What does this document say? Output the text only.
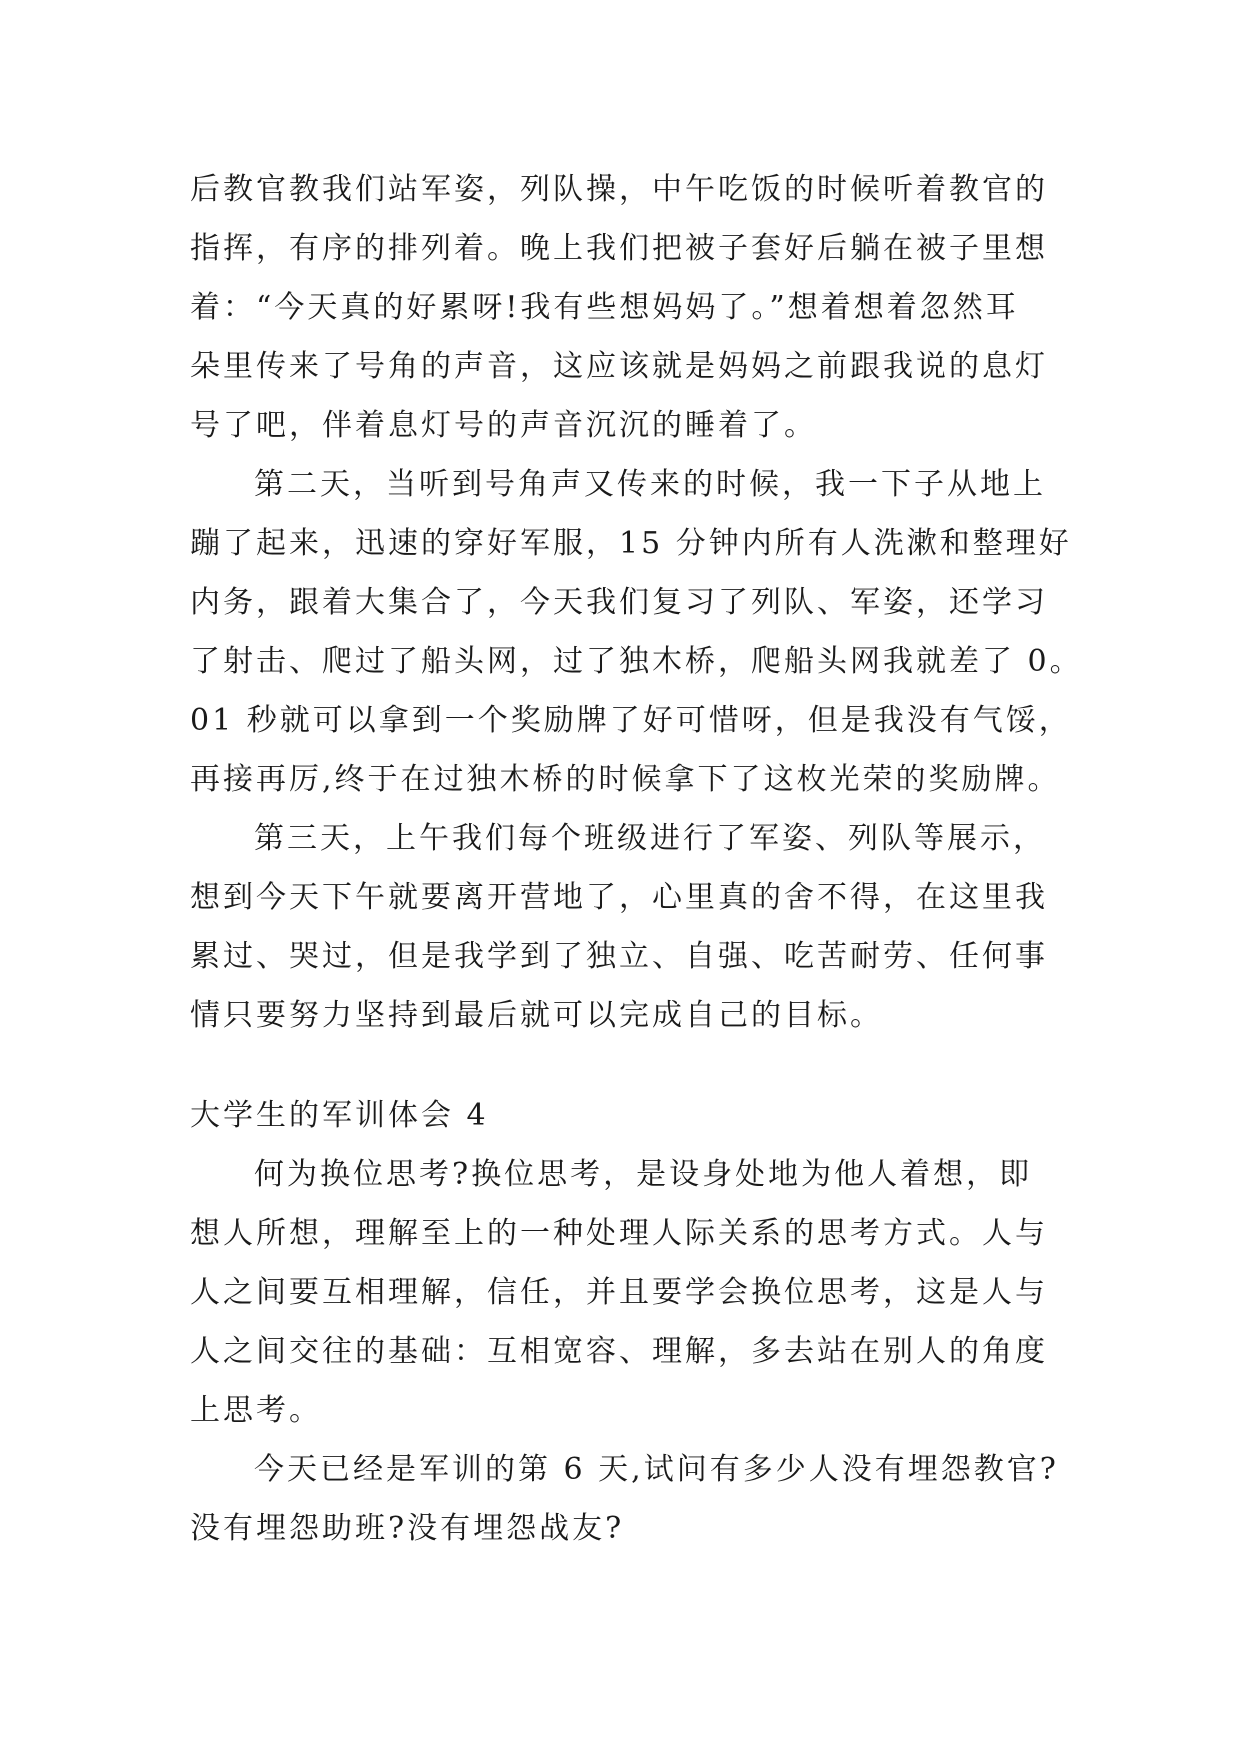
后教官教我们站军姿，列队操，中午吃饭的时候听着教官的
指挥，有序的排列着。晚上我们把被子套好后躺在被子里想
着：“今天真的好累呀!我有些想妈妈了。”想着想着忽然耳
朵里传来了号角的声音，这应该就是妈妈之前跟我说的息灯
号了吧，伴着息灯号的声音沉沉的睡着了。
第二天，当听到号角声又传来的时候，我一下子从地上
蹦了起来，迅速的穿好军服，15 分钟内所有人洗漱和整理好
内务，跟着大集合了，今天我们复习了列队、军姿，还学习
了射击、爬过了船头网，过了独木桥，爬船头网我就差了 0。
01 秒就可以拿到一个奖励牌了好可惜呀，但是我没有气馁，
再接再厉,终于在过独木桥的时候拿下了这枚光荣的奖励牌。
第三天，上午我们每个班级进行了军姿、列队等展示，
想到今天下午就要离开营地了，心里真的舍不得，在这里我
累过、哭过，但是我学到了独立、自强、吃苦耐劳、任何事
情只要努力坚持到最后就可以完成自己的目标。
大学生的军训体会 4
何为换位思考?换位思考，是设身处地为他人着想，即
想人所想，理解至上的一种处理人际关系的思考方式。人与
人之间要互相理解，信任，并且要学会换位思考，这是人与
人之间交往的基础：互相宽容、理解，多去站在别人的角度
上思考。
今天已经是军训的第 6 天,试问有多少人没有埋怨教官?
没有埋怨助班?没有埋怨战友?
